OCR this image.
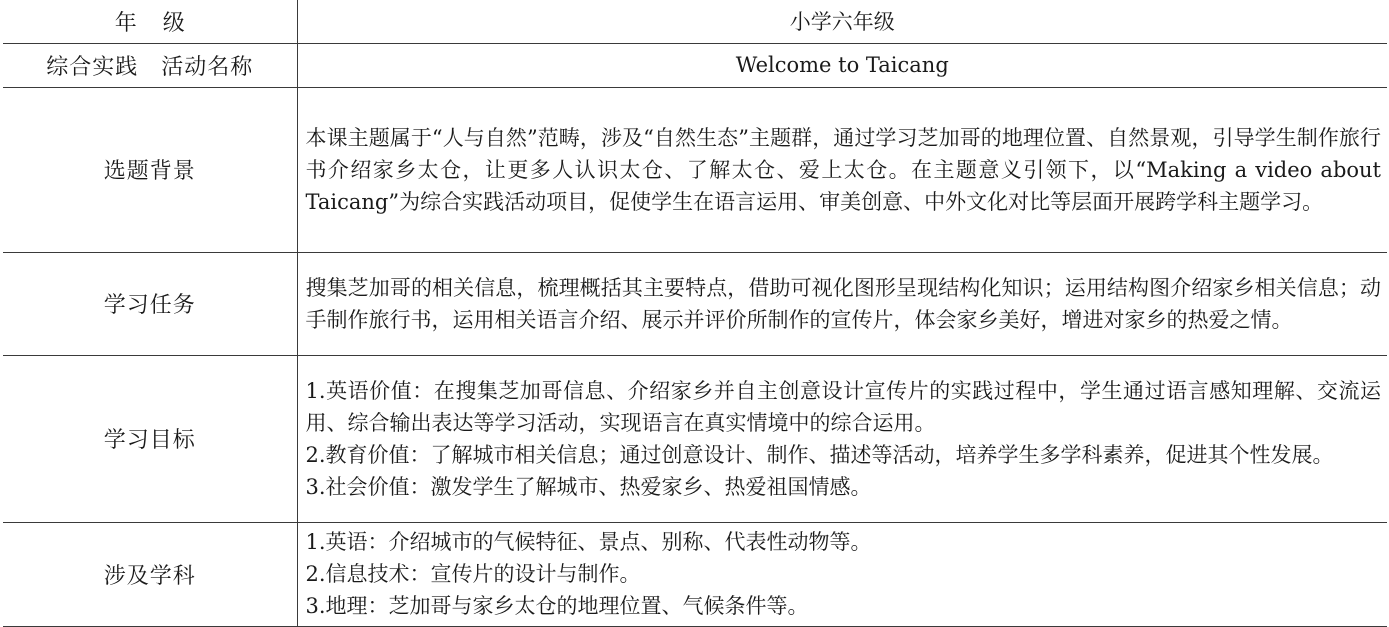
年级	小学六年级
综合实践　活动名称	Welcome to Taicang
选题背景	本课主题属于“人与自然”范畴，涉及“自然生态”主题群，通过学习芝加哥的地理位置、自然景观，引导学生制作旅行书介绍家乡太仓，让更多人认识太仓、了解太仓、爱上太仓。在主题意义引领下，以“Making a video about Taicang”为综合实践活动项目，促使学生在语言运用、审美创意、中外文化对比等层面开展跨学科主题学习。

学习任务	搜集芝加哥的相关信息，梳理概括其主要特点，借助可视化图形呈现结构化知识；运用结构图介绍家乡相关信息；动手制作旅行书，运用相关语言介绍、展示并评价所制作的宣传片，体会家乡美好，增进对家乡的热爱之情。

学习目标	1.英语价值：在搜集芝加哥信息、介绍家乡并自主创意设计宣传片的实践过程中，学生通过语言感知理解、交流运用、综合输出表达等学习活动，实现语言在真实情境中的综合运用。

2.教育价值：了解城市相关信息；通过创意设计、制作、描述等活动，培养学生多学科素养，促进其个性发展。

3.社会价值：激发学生了解城市、热爱家乡、热爱祖国情感。

涉及学科	1.英语：介绍城市的气候特征、景点、别称、代表性动物等。

2.信息技术：宣传片的设计与制作。

3.地理：芝加哥与家乡太仓的地理位置、气候条件等。
